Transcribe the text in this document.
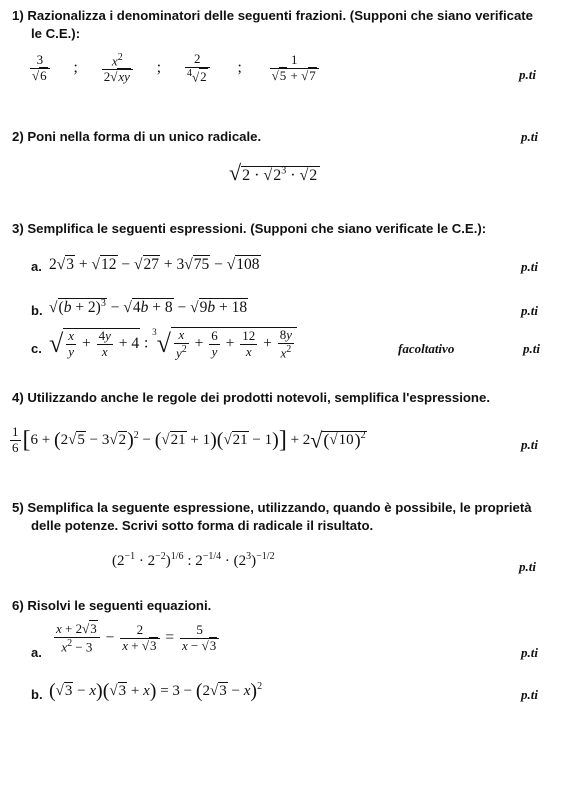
1) Razionalizza i denominatori delle seguenti frazioni. (Supponi che siano verificate
le C.E.):
$\frac{3}{√6}$ ; $\frac{x^2}{2√xy}$ ; $\frac{2}{^4√2}$ ; $\frac{1}{√5 + √7}$	p.ti
2) Poni nella forma di un unico radicale.	p.ti
$√2 \cdot √2^3 \cdot √2$
3) Semplifica le seguenti espressioni. (Supponi che siano verificate le C.E.):
a. 2√3 + √12 − √27 + 3√75 − √108	p.ti
b. $√(b + 2)^3 - √4b + 8 - √9b + 18$	p.ti
c. √ $\frac{x}{y} + \frac{4y}{x} + 4$ : $^3√ \frac{x}{y^2} + \frac{6}{y} + \frac{12}{x} + \frac{8y}{x^2}$	facoltativo	p.ti
4) Utilizzando anche le regole dei prodotti notevoli, semplifica l'espressione.
$\frac{1}{6} [6 + (2√5 - 3√2)^2 - (√21 + 1)(√21 - 1)] + 2√(√10)^2$
p.ti
5) Semplifica la seguente espressione, utilizzando, quando è possibile, le proprietà
delle potenze. Scrivi sotto forma di radicale il risultato.
$(2^{-1} \cdot 2^{-2})^{1/6}$ : $2^{-1/4} \cdot (2^3)^{-1/2}$
p.ti
6) Risolvi le seguenti equazioni.
a. $\frac{x + 2√3}{x^2 - 3} - \frac{2}{x + √3} = \frac{5}{x - √3}$	p.ti
b. $(√3 - x)(√3 + x) = 3 - (2√3 - x)^2$
p.ti
